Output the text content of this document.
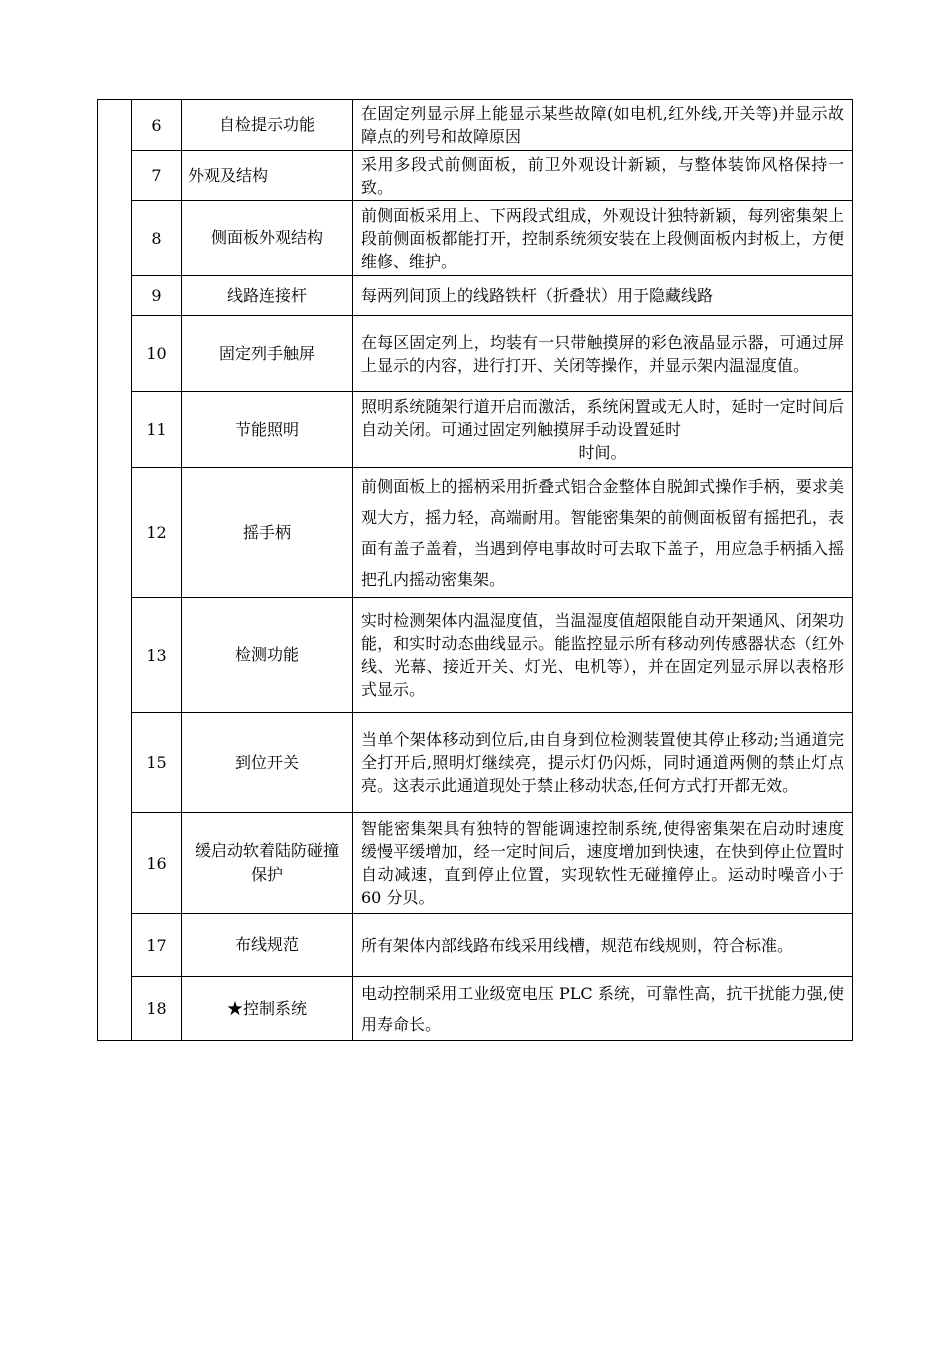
	6	自检提示功能	在固定列显示屏上能显示某些故障(如电机,红外线,开关等)并显示故障点的列号和故障原因
	7	外观及结构	采用多段式前侧面板，前卫外观设计新颖，与整体装饰风格保持一致。
	8	侧面板外观结构	前侧面板采用上、下两段式组成，外观设计独特新颖，每列密集架上段前侧面板都能打开，控制系统须安装在上段侧面板内封板上，方便维修、维护。
	9	线路连接杆	每两列间顶上的线路铁杆（折叠状）用于隐藏线路
	10	固定列手触屏	在每区固定列上，均装有一只带触摸屏的彩色液晶显示器，可通过屏上显示的内容，进行打开、关闭等操作，并显示架内温湿度值。
	11	节能照明	照明系统随架行道开启而激活，系统闲置或无人时，延时一定时间后自动关闭。可通过固定列触摸屏手动设置延时
时间。

	12	摇手柄	前侧面板上的摇柄采用折叠式铝合金整体自脱卸式操作手柄，要求美观大方，摇力轻，高端耐用。智能密集架的前侧面板留有摇把孔，表面有盖子盖着，当遇到停电事故时可去取下盖子，用应急手柄插入摇把孔内摇动密集架。
	13	检测功能	实时检测架体内温湿度值，当温湿度值超限能自动开架通风、闭架功能，和实时动态曲线显示。能监控显示所有移动列传感器状态（红外线、光幕、接近开关、灯光、电机等），并在固定列显示屏以表格形式显示。
	15	到位开关	当单个架体移动到位后,由自身到位检测装置使其停止移动;当通道完全打开后,照明灯继续亮，提示灯仍闪烁，同时通道两侧的禁止灯点亮。这表示此通道现处于禁止移动状态,任何方式打开都无效。
	16	缓启动软着陆防碰撞保护	智能密集架具有独特的智能调速控制系统,使得密集架在启动时速度缓慢平缓增加，经一定时间后，速度增加到快速，在快到停止位置时自动减速，直到停止位置，实现软性无碰撞停止。运动时噪音小于 60 分贝。
	17	布线规范	所有架体内部线路布线采用线槽，规范布线规则，符合标准。
	18	★控制系统	电动控制采用工业级宽电压 PLC 系统，可靠性高，抗干扰能力强,使用寿命长。
